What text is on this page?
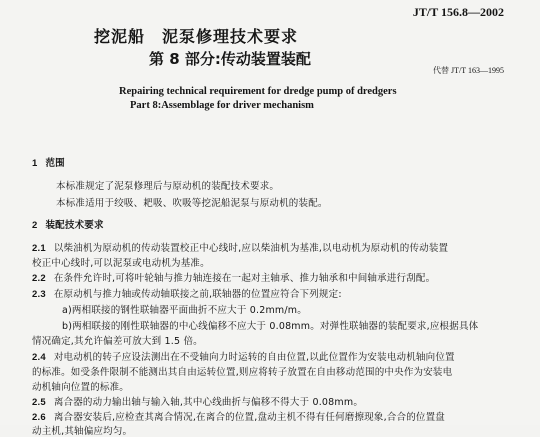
JT/T 156.8—2002
挖泥船　泥泵修理技术要求
第 8 部分:传动装置装配
代替 JT/T 163—1995
Repairing technical requirement for dredge pump of dredgers
Part 8:Assemblage for driver mechanism
1 范围
本标准规定了泥泵修理后与原动机的装配技术要求。
本标准适用于绞吸、耙吸、吹吸等挖泥船泥泵与原动机的装配。
2 装配技术要求
2.1 以柴油机为原动机的传动装置校正中心线时,应以柴油机为基准,以电动机为原动机的传动装置
校正中心线时,可以泥泵或电动机为基准。
2.2 在条件允许时,可将叶轮轴与推力轴连接在一起对主轴承、推力轴承和中间轴承进行刮配。
2.3 在原动机与推力轴或传动轴联接之前,联轴器的位置应符合下列规定:
a)两相联接的钢性联轴器平面曲折不应大于 0.2mm/m。
b)两相联接的刚性联轴器的中心线偏移不应大于 0.08mm。对弹性联轴器的装配要求,应根据具体
情况确定,其允许偏差可放大到 1.5 倍。
2.4 对电动机的转子应设法测出在不受轴向力时运转的自由位置,以此位置作为安装电动机轴向位置
的标准。如受条件限制不能测出其自由运转位置,则应将转子放置在自由移动范围的中央作为安装电
动机轴向位置的标准。
2.5 离合器的动力输出轴与输入轴,其中心线曲折与偏移不得大于 0.08mm。
2.6 离合器安装后,应检查其离合情况,在离合的位置,盘动主机不得有任何磨擦现象,合合的位置盘
动主机,其轴偏应均匀。
